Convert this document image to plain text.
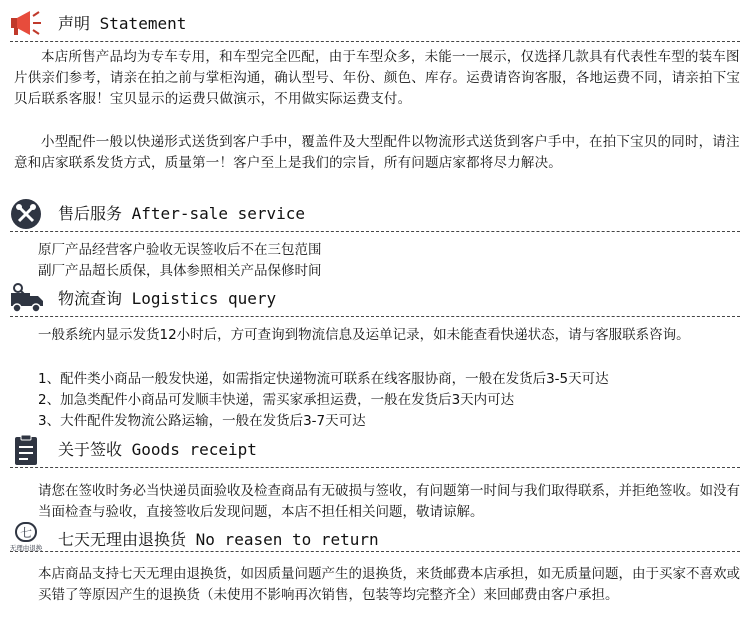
声明 Statement
本店所售产品均为专车专用，和车型完全匹配，由于车型众多，未能一一展示，仅选择几款具有代表性车型的装车图片供亲们参考，请亲在拍之前与掌柜沟通，确认型号、年份、颜色、库存。运费请咨询客服，各地运费不同，请亲拍下宝贝后联系客服！宝贝显示的运费只做演示，不用做实际运费支付。
小型配件一般以快递形式送货到客户手中，覆盖件及大型配件以物流形式送货到客户手中，在拍下宝贝的同时，请注意和店家联系发货方式，质量第一！客户至上是我们的宗旨，所有问题店家都将尽力解决。
售后服务 After-sale service
原厂产品经营客户验收无误签收后不在三包范围
副厂产品超长质保，具体参照相关产品保修时间
物流查询 Logistics query
一般系统内显示发货12小时后，方可查询到物流信息及运单记录，如未能查看快递状态，请与客服联系咨询。
1、配件类小商品一般发快递，如需指定快递物流可联系在线客服协商，一般在发货后3-5天可达
2、加急类配件小商品可发顺丰快递，需买家承担运费，一般在发货后3天内可达
3、大件配件发物流公路运输，一般在发货后3-7天可达
关于签收 Goods receipt
请您在签收时务必当快递员面验收及检查商品有无破损与签收，有问题第一时间与我们取得联系，并拒绝签收。如没有当面检查与验收，直接签收后发现问题，本店不担任相关问题，敬请谅解。
七
无理由退换 七天无理由退换货 No reasen to return
本店商品支持七天无理由退换货，如因质量问题产生的退换货，来货邮费本店承担，如无质量问题，由于买家不喜欢或买错了等原因产生的退换货（未使用不影响再次销售，包装等均完整齐全）来回邮费由客户承担。
